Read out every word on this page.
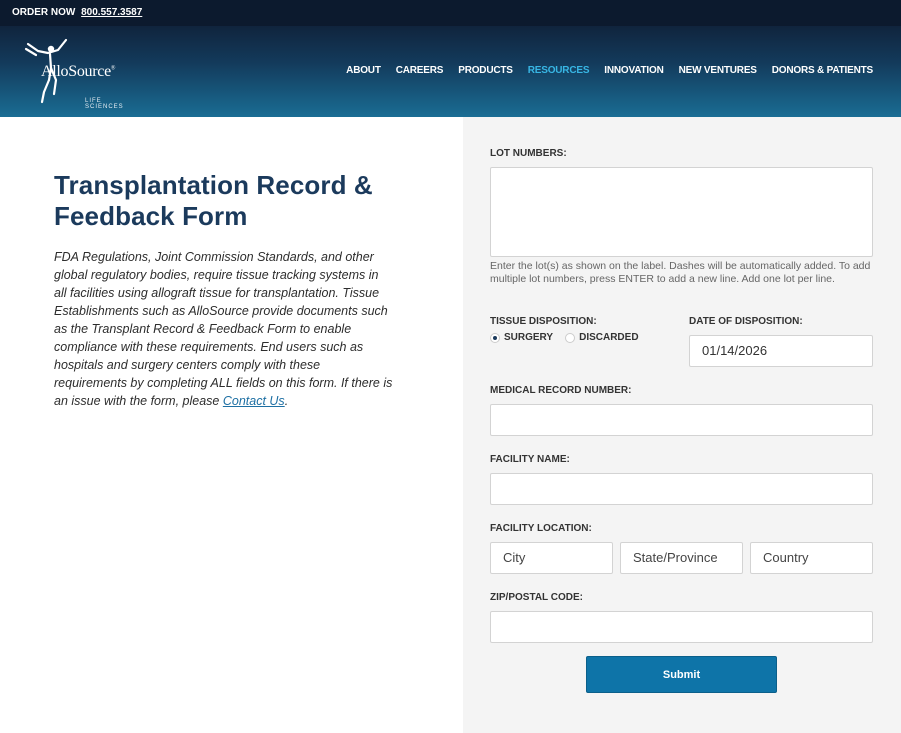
ORDER NOW 800.557.3587
AlloSource®
LIFE SCIENCES
ABOUT CAREERS PRODUCTS RESOURCES INNOVATION NEW VENTURES DONORS & PATIENTS
Transplantation Record &
Feedback Form

FDA Regulations, Joint Commission Standards, and other global regulatory bodies, require tissue tracking systems in all facilities using allograft tissue for transplantation. Tissue Establishments such as AlloSource provide documents such as the Transplant Record & Feedback Form to enable compliance with these requirements. End users such as hospitals and surgery centers comply with these requirements by completing ALL fields on this form. If there is an issue with the form, please Contact Us.

LOT NUMBERS:
Enter the lot(s) as shown on the label. Dashes will be automatically added. To add multiple lot numbers, press ENTER to add a new line. Add one lot per line.
TISSUE DISPOSITION:
SURGERY	DISCARDED
DATE OF DISPOSITION:
01/14/2026
MEDICAL RECORD NUMBER:
FACILITY NAME:
FACILITY LOCATION:
City	State/Province	Country
ZIP/POSTAL CODE:
Submit
